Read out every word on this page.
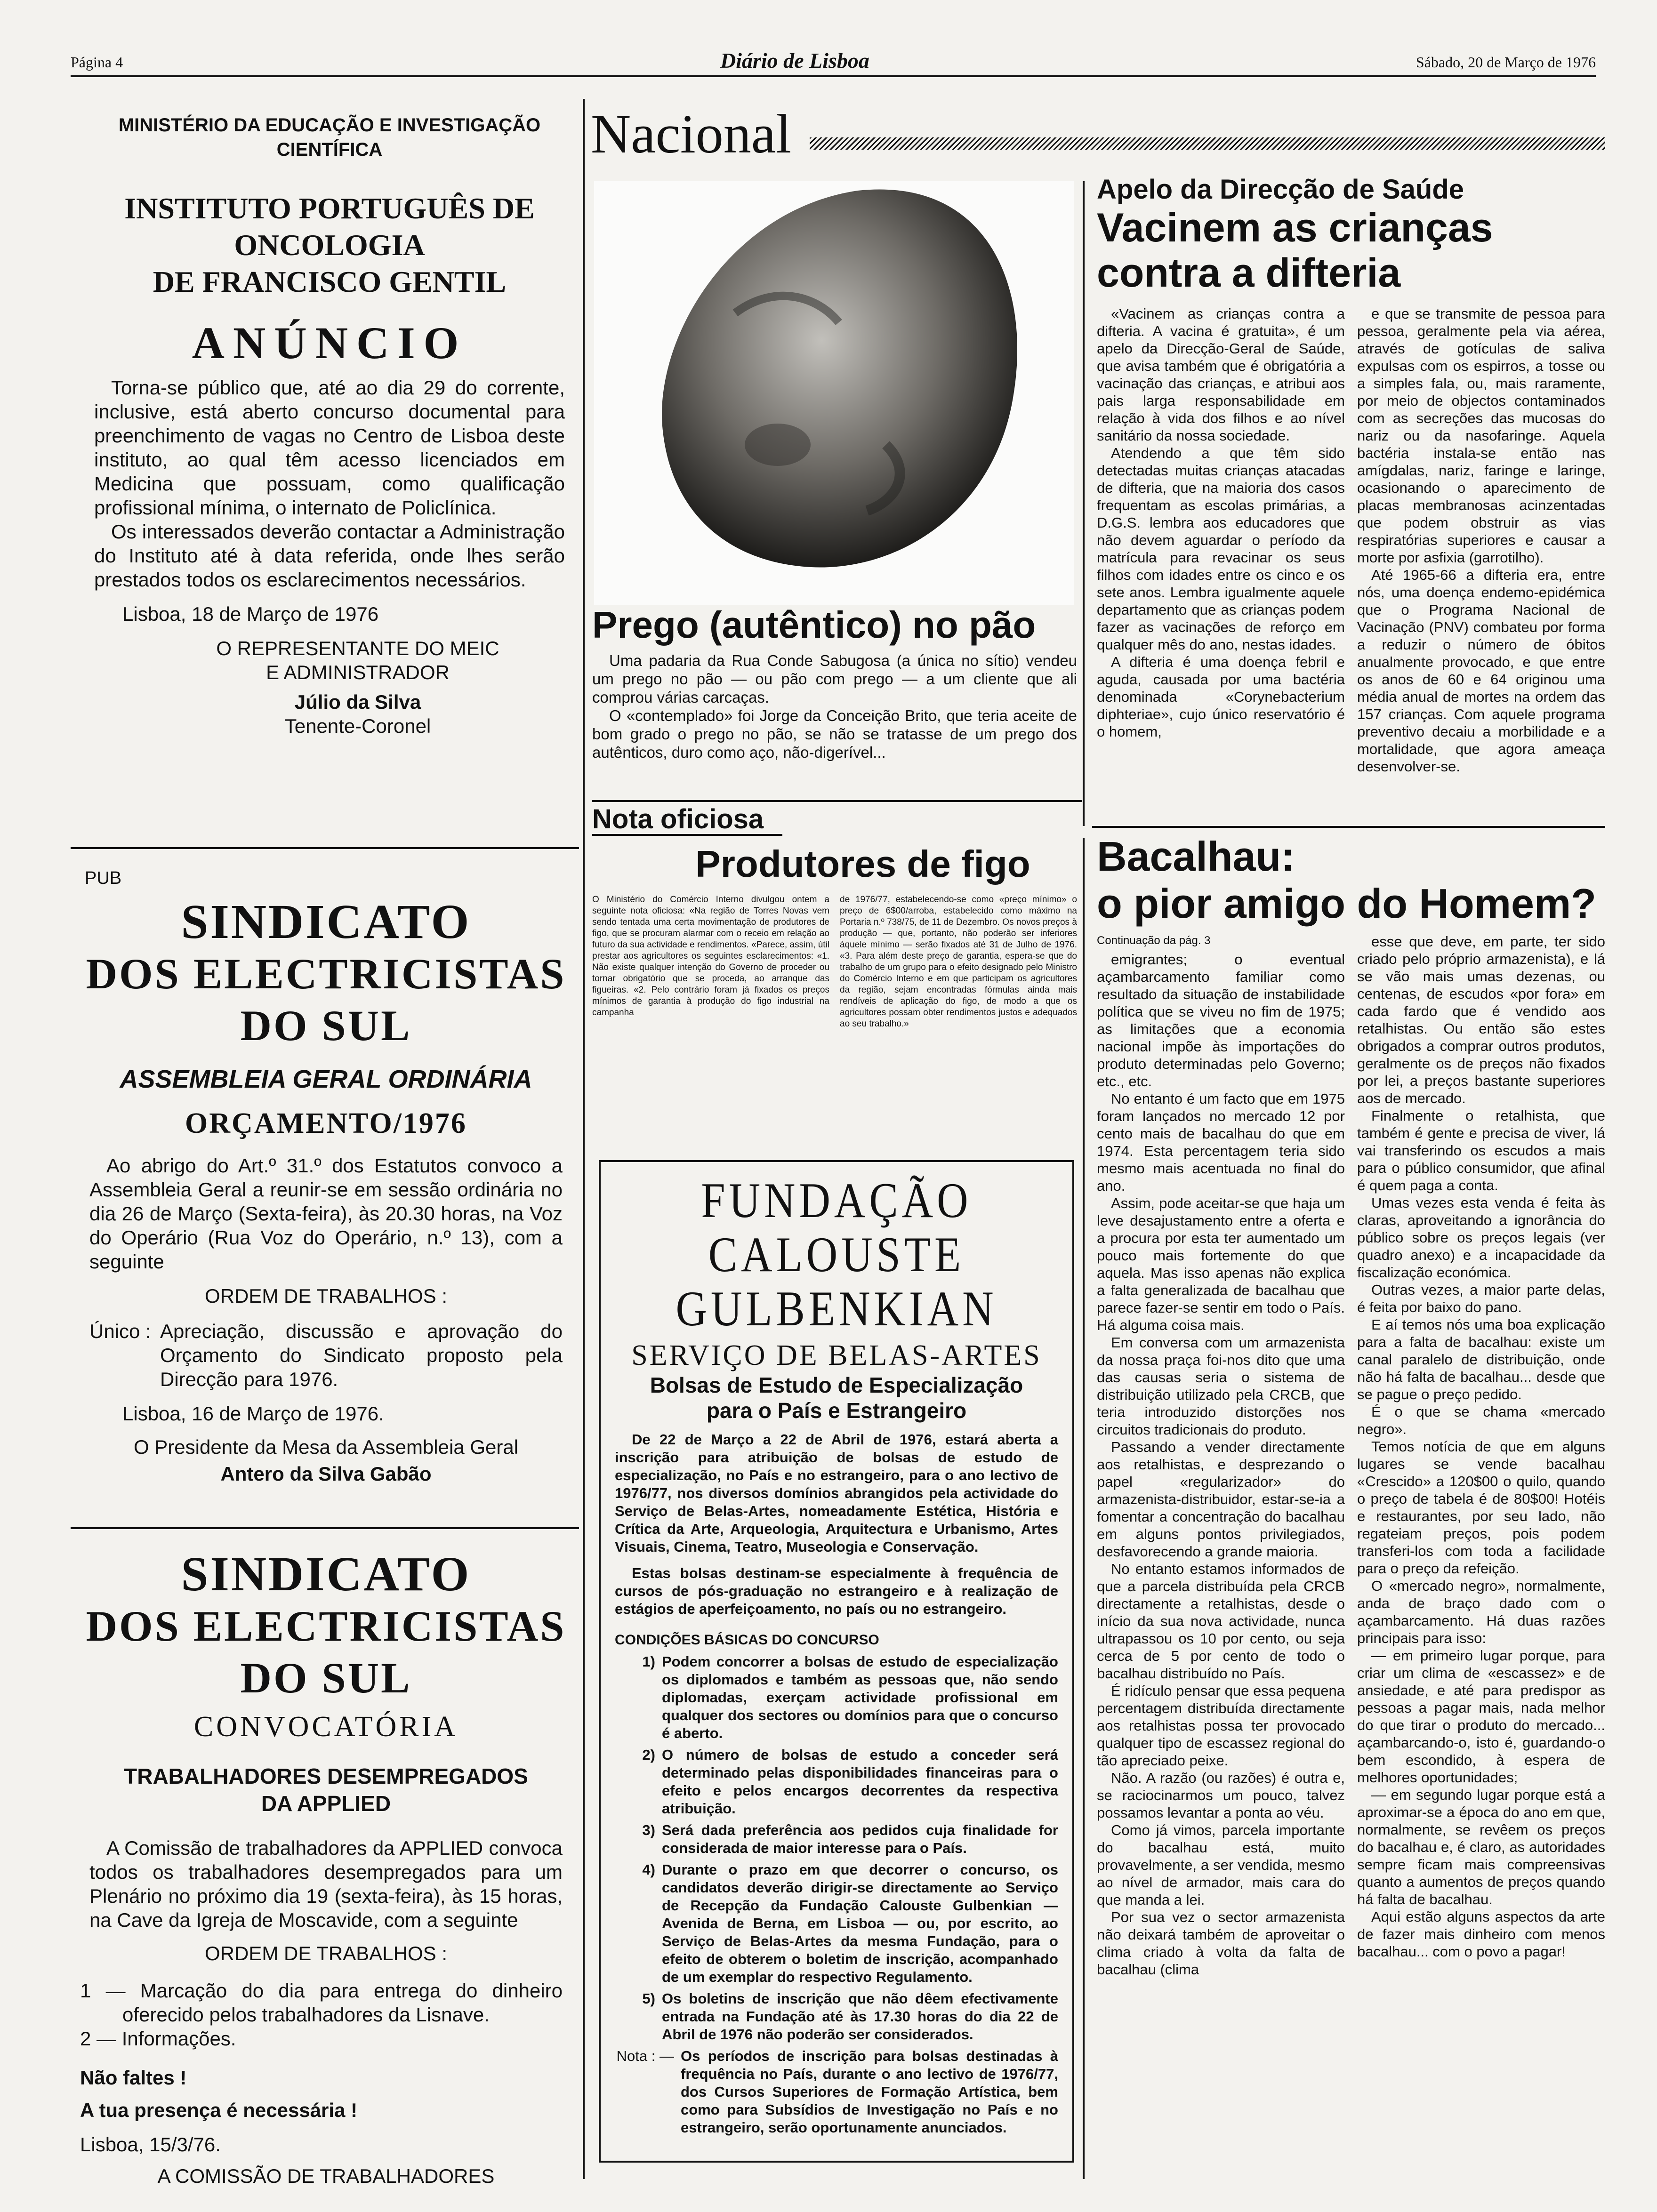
Página 4	Diário de Lisboa	Sábado, 20 de Março de 1976
MINISTÉRIO DA EDUCAÇÃO E INVESTIGAÇÃO CIENTÍFICA
INSTITUTO PORTUGUÊS DE ONCOLOGIA
DE FRANCISCO GENTIL
ANÚNCIO

Torna-se público que, até ao dia 29 do corrente, inclusive, está aberto concurso documental para preenchimento de vagas no Centro de Lisboa deste instituto, ao qual têm acesso licenciados em Medicina que possuam, como qualificação profissional mínima, o internato de Policlínica.

Os interessados deverão contactar a Administração do Instituto até à data referida, onde lhes serão prestados todos os esclarecimentos necessários.

Lisboa, 18 de Março de 1976

O REPRESENTANTE DO MEIC
E ADMINISTRADOR
Júlio da Silva
Tenente-Coronel
PUB
SINDICATO
DOS ELECTRICISTAS DO SUL
ASSEMBLEIA GERAL ORDINÁRIA
ORÇAMENTO/1976

Ao abrigo do Art.º 31.º dos Estatutos convoco a Assembleia Geral a reunir-se em sessão ordinária no dia 26 de Março (Sexta-feira), às 20.30 horas, na Voz do Operário (Rua Voz do Operário, n.º 13), com a seguinte

ORDEM DE TRABALHOS :
Único : Apreciação, discussão e aprovação do Orçamento do Sindicato proposto pela Direcção para 1976.

Lisboa, 16 de Março de 1976.

O Presidente da Mesa da Assembleia Geral

Antero da Silva Gabão

SINDICATO
DOS ELECTRICISTAS DO SUL
CONVOCATÓRIA
TRABALHADORES DESEMPREGADOS
DA APPLIED

A Comissão de trabalhadores da APPLIED convoca todos os trabalhadores desempregados para um Plenário no próximo dia 19 (sexta-feira), às 15 horas, na Cave da Igreja de Moscavide, com a seguinte

ORDEM DE TRABALHOS :

1 — Marcação do dia para entrega do dinheiro oferecido pelos trabalhadores da Lisnave.

2 — Informações.

Não faltes !

A tua presença é necessária !

Lisboa, 15/3/76.

A COMISSÃO DE TRABALHADORES

Nacional
Prego (autêntico) no pão

Uma padaria da Rua Conde Sabugosa (a única no sítio) vendeu um prego no pão — ou pão com prego — a um cliente que ali comprou várias carcaças.

O «contemplado» foi Jorge da Conceição Brito, que teria aceite de bom grado o prego no pão, se não se tratasse de um prego dos autênticos, duro como aço, não-digerível...

Nota oficiosa
Produtores de figo

O Ministério do Comércio Interno divulgou ontem a seguinte nota oficiosa: «Na região de Torres Novas vem sendo tentada uma certa movimentação de produtores de figo, que se procuram alarmar com o receio em relação ao futuro da sua actividade e rendimentos. «Parece, assim, útil prestar aos agricultores os seguintes esclarecimentos: «1. Não existe qualquer intenção do Governo de proceder ou tornar obrigatório que se proceda, ao arranque das figueiras. «2. Pelo contrário foram já fixados os preços mínimos de garantia à produção do figo industrial na campanha

de 1976/77, estabelecendo-se como «preço mínimo» o preço de 6$00/arroba, estabelecido como máximo na Portaria n.º 738/75, de 11 de Dezembro. Os novos preços à produção — que, portanto, não poderão ser inferiores àquele mínimo — serão fixados até 31 de Julho de 1976. «3. Para além deste preço de garantia, espera-se que do trabalho de um grupo para o efeito designado pelo Ministro do Comércio Interno e em que participam os agricultores da região, sejam encontradas fórmulas ainda mais rendíveis de aplicação do figo, de modo a que os agricultores possam obter rendimentos justos e adequados ao seu trabalho.»

FUNDAÇÃO CALOUSTE
GULBENKIAN
SERVIÇO DE BELAS-ARTES
Bolsas de Estudo de Especialização
para o País e Estrangeiro

De 22 de Março a 22 de Abril de 1976, estará aberta a inscrição para atribuição de bolsas de estudo de especialização, no País e no estrangeiro, para o ano lectivo de 1976/77, nos diversos domínios abrangidos pela actividade do Serviço de Belas-Artes, nomeadamente Estética, História e Crítica da Arte, Arqueologia, Arquitectura e Urbanismo, Artes Visuais, Cinema, Teatro, Museologia e Conservação.

Estas bolsas destinam-se especialmente à frequência de cursos de pós-graduação no estrangeiro e à realização de estágios de aperfeiçoamento, no país ou no estrangeiro.

CONDIÇÕES BÁSICAS DO CONCURSO
1) Podem concorrer a bolsas de estudo de especialização os diplomados e também as pessoas que, não sendo diplomadas, exerçam actividade profissional em qualquer dos sectores ou domínios para que o concurso é aberto.
2) O número de bolsas de estudo a conceder será determinado pelas disponibilidades financeiras para o efeito e pelos encargos decorrentes da respectiva atribuição.
3) Será dada preferência aos pedidos cuja finalidade for considerada de maior interesse para o País.
4) Durante o prazo em que decorrer o concurso, os candidatos deverão dirigir-se directamente ao Serviço de Recepção da Fundação Calouste Gulbenkian — Avenida de Berna, em Lisboa — ou, por escrito, ao Serviço de Belas-Artes da mesma Fundação, para o efeito de obterem o boletim de inscrição, acompanhado de um exemplar do respectivo Regulamento.
5) Os boletins de inscrição que não dêem efectivamente entrada na Fundação até às 17.30 horas do dia 22 de Abril de 1976 não poderão ser considerados.
Nota : — Os períodos de inscrição para bolsas destinadas à frequência no País, durante o ano lectivo de 1976/77, dos Cursos Superiores de Formação Artística, bem como para Subsídios de Investigação no País e no estrangeiro, serão oportunamente anunciados.
Apelo da Direcção de Saúde
Vacinem as crianças
contra a difteria

«Vacinem as crianças contra a difteria. A vacina é gratuita», é um apelo da Direcção-Geral de Saúde, que avisa também que é obrigatória a vacinação das crianças, e atribui aos pais larga responsabilidade em relação à vida dos filhos e ao nível sanitário da nossa sociedade.

Atendendo a que têm sido detectadas muitas crianças atacadas de difteria, que na maioria dos casos frequentam as escolas primárias, a D.G.S. lembra aos educadores que não devem aguardar o período da matrícula para revacinar os seus filhos com idades entre os cinco e os sete anos. Lembra igualmente aquele departamento que as crianças podem fazer as vacinações de reforço em qualquer mês do ano, nestas idades.

A difteria é uma doença febril e aguda, causada por uma bactéria denominada «Corynebacterium diphteriae», cujo único reservatório é o homem,

e que se transmite de pessoa para pessoa, geralmente pela via aérea, através de gotículas de saliva expulsas com os espirros, a tosse ou a simples fala, ou, mais raramente, por meio de objectos contaminados com as secreções das mucosas do nariz ou da nasofaringe. Aquela bactéria instala-se então nas amígdalas, nariz, faringe e laringe, ocasionando o aparecimento de placas membranosas acinzentadas que podem obstruir as vias respiratórias superiores e causar a morte por asfixia (garrotilho).

Até 1965-66 a difteria era, entre nós, uma doença endemo-epidémica que o Programa Nacional de Vacinação (PNV) combateu por forma a reduzir o número de óbitos anualmente provocado, e que entre os anos de 60 e 64 originou uma média anual de mortes na ordem das 157 crianças. Com aquele programa preventivo decaiu a morbilidade e a mortalidade, que agora ameaça desenvolver-se.

Bacalhau:
o pior amigo do Homem?
Continuação da pág. 3

emigrantes; o eventual açambarcamento familiar como resultado da situação de instabilidade política que se viveu no fim de 1975; as limitações que a economia nacional impõe às importações do produto determinadas pelo Governo; etc., etc.

No entanto é um facto que em 1975 foram lançados no mercado 12 por cento mais de bacalhau do que em 1974. Esta percentagem teria sido mesmo mais acentuada no final do ano.

Assim, pode aceitar-se que haja um leve desajustamento entre a oferta e a procura por esta ter aumentado um pouco mais fortemente do que aquela. Mas isso apenas não explica a falta generalizada de bacalhau que parece fazer-se sentir em todo o País. Há alguma coisa mais.

Em conversa com um armazenista da nossa praça foi-nos dito que uma das causas seria o sistema de distribuição utilizado pela CRCB, que teria introduzido distorções nos circuitos tradicionais do produto.

Passando a vender directamente aos retalhistas, e desprezando o papel «regularizador» do armazenista-distribuidor, estar-se-ia a fomentar a concentração do bacalhau em alguns pontos privilegiados, desfavorecendo a grande maioria.

No entanto estamos informados de que a parcela distribuída pela CRCB directamente a retalhistas, desde o início da sua nova actividade, nunca ultrapassou os 10 por cento, ou seja cerca de 5 por cento de todo o bacalhau distribuído no País.

É ridículo pensar que essa pequena percentagem distribuída directamente aos retalhistas possa ter provocado qualquer tipo de escassez regional do tão apreciado peixe.

Não. A razão (ou razões) é outra e, se raciocinarmos um pouco, talvez possamos levantar a ponta ao véu.

Como já vimos, parcela importante do bacalhau está, muito provavelmente, a ser vendida, mesmo ao nível de armador, mais cara do que manda a lei.

Por sua vez o sector armazenista não deixará também de aproveitar o clima criado à volta da falta de bacalhau (clima

esse que deve, em parte, ter sido criado pelo próprio armazenista), e lá se vão mais umas dezenas, ou centenas, de escudos «por fora» em cada fardo que é vendido aos retalhistas. Ou então são estes obrigados a comprar outros produtos, geralmente os de preços não fixados por lei, a preços bastante superiores aos de mercado.

Finalmente o retalhista, que também é gente e precisa de viver, lá vai transferindo os escudos a mais para o público consumidor, que afinal é quem paga a conta.

Umas vezes esta venda é feita às claras, aproveitando a ignorância do público sobre os preços legais (ver quadro anexo) e a incapacidade da fiscalização económica.

Outras vezes, a maior parte delas, é feita por baixo do pano.

E aí temos nós uma boa explicação para a falta de bacalhau: existe um canal paralelo de distribuição, onde não há falta de bacalhau... desde que se pague o preço pedido.

É o que se chama «mercado negro».

Temos notícia de que em alguns lugares se vende bacalhau «Crescido» a 120$00 o quilo, quando o preço de tabela é de 80$00! Hotéis e restaurantes, por seu lado, não regateiam preços, pois podem transferi-los com toda a facilidade para o preço da refeição.

O «mercado negro», normalmente, anda de braço dado com o açambarcamento. Há duas razões principais para isso:

— em primeiro lugar porque, para criar um clima de «escassez» e de ansiedade, e até para predispor as pessoas a pagar mais, nada melhor do que tirar o produto do mercado... açambarcando-o, isto é, guardando-o bem escondido, à espera de melhores oportunidades;

— em segundo lugar porque está a aproximar-se a época do ano em que, normalmente, se revêem os preços do bacalhau e, é claro, as autoridades sempre ficam mais compreensivas quanto a aumentos de preços quando há falta de bacalhau.

Aqui estão alguns aspectos da arte de fazer mais dinheiro com menos bacalhau... com o povo a pagar!
